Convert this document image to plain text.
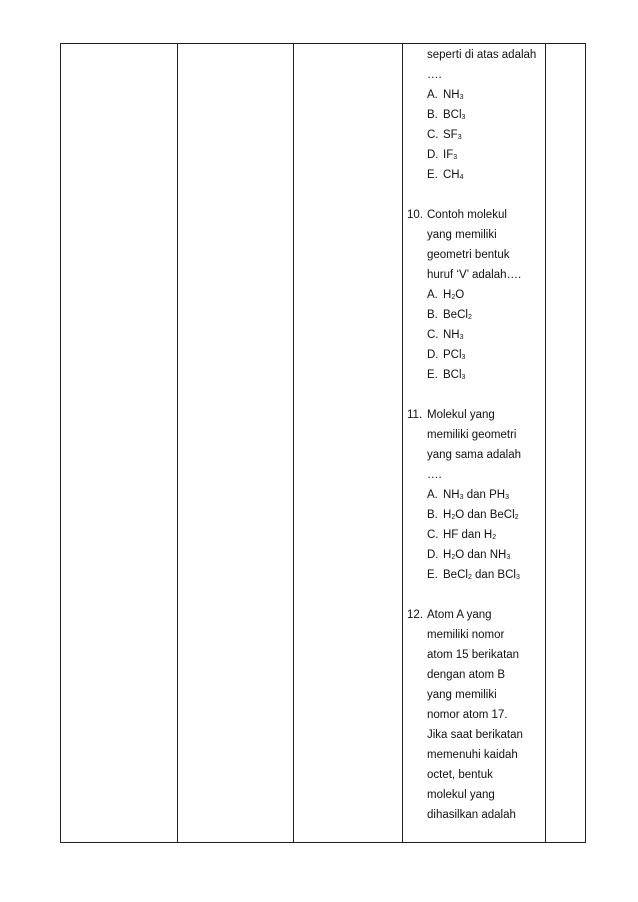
seperti di atas adalah
….
A. $NH_3$
B. BCl$_3$
C. $SF_3$
D. $IF_3$
E. $CH_4$
10. Contoh molekul
yang memiliki
geometri bentuk
huruf ‘V’ adalah….
A. $H_2O$
B. BeCl$_2$
C. $NH_3$
D. PCl$_3$
E. BCl$_3$
11. Molekul yang
memiliki geometri
yang sama adalah
….
A. $NH_3$ dan $PH_3$
B. $H_2O$ dan BeCl$_2$
C. HF dan $H_2$
D. $H_2O$ dan $NH_3$
E. BeCl$_2$ dan BCl$_3$
12. Atom A yang
memiliki nomor
atom 15 berikatan
dengan atom B
yang memiliki
nomor atom 17.
Jika saat berikatan
memenuhi kaidah
octet, bentuk
molekul yang
dihasilkan adalah
